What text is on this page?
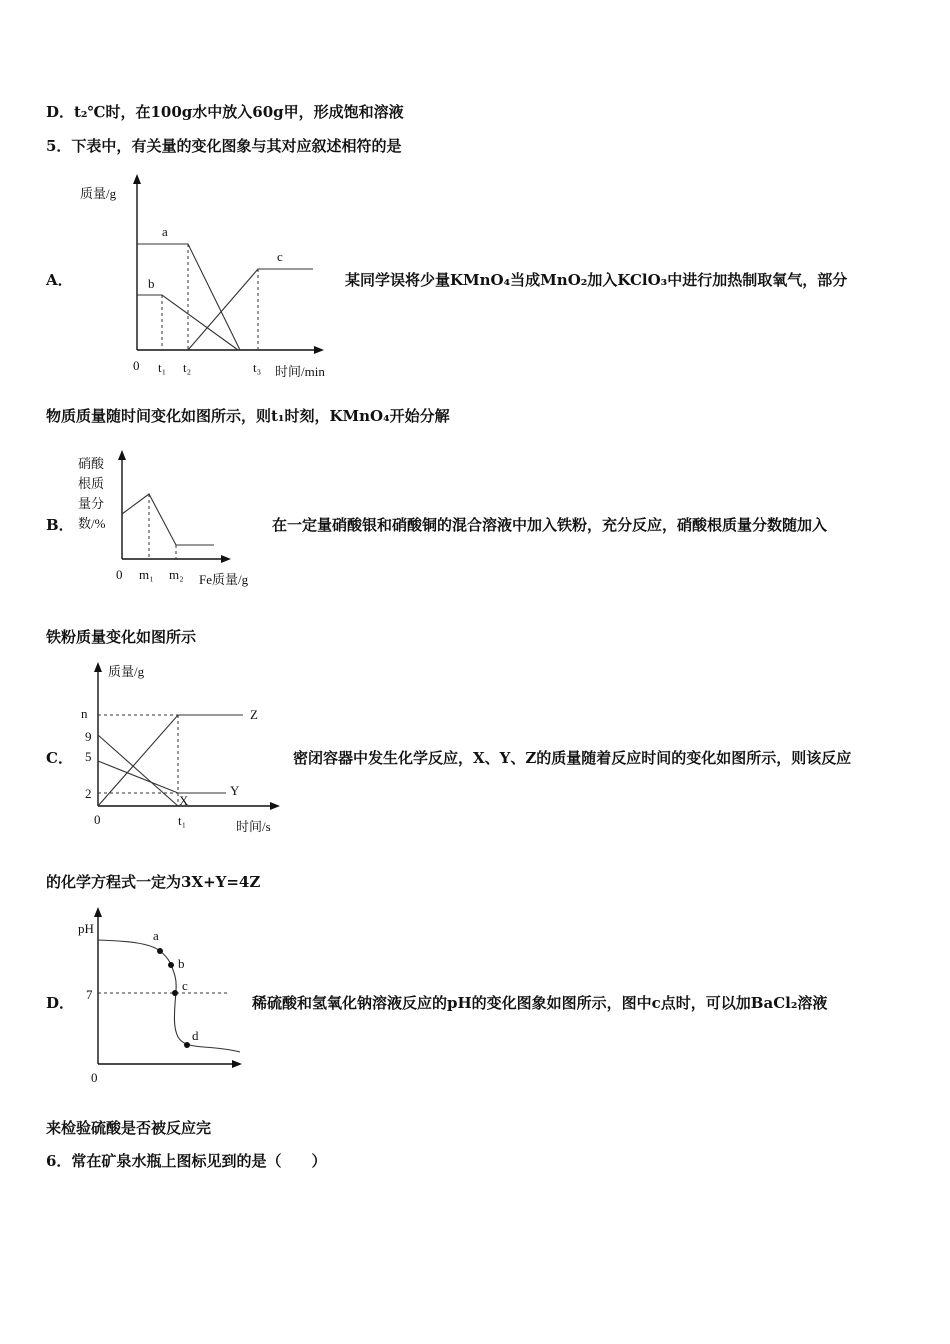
D．t₂℃时，在100g水中放入60g甲，形成饱和溶液
5．下表中，有关量的变化图象与其对应叙述相符的是
A．
质量/g
时间/min
0 t₁ t₂	t₃
a
b
c
某同学误将少量KMnO₄当成MnO₂加入KClO₃中进行加热制取氧气，部分
物质质量随时间变化如图所示，则t₁时刻，KMnO₄开始分解
B．
硝酸
根质
量分
数/%
0 m₁ m₂ Fe质量/g
在一定量硝酸银和硝酸铜的混合溶液中加入铁粉，充分反应，硝酸根质量分数随加入
铁粉质量变化如图所示
C．
质量/g
时间/s
0
n
9
5
2
t₁
Z
Y
X
密闭容器中发生化学反应，X、Y、Z的质量随着反应时间的变化如图所示，则该反应
的化学方程式一定为3X+Y=4Z
D．
pH
0
7
a
b
c
d
稀硫酸和氢氧化钠溶液反应的pH的变化图象如图所示，图中c点时，可以加BaCl₂溶液
来检验硫酸是否被反应完
6．常在矿泉水瓶上图标见到的是（　　）
